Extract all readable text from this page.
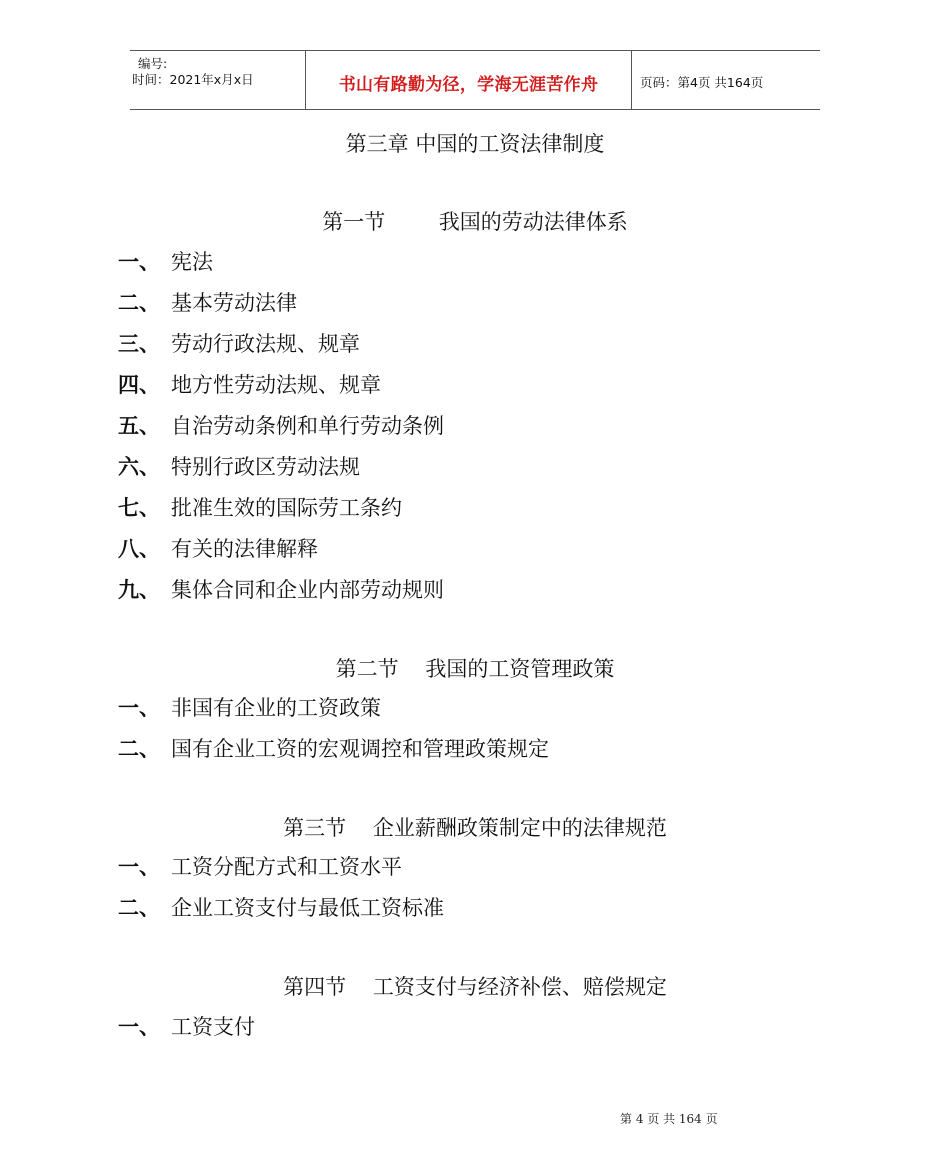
编号:
时间：2021年x月x日	书山有路勤为径，学海无涯苦作舟	页码：第4页 共164页
第三章 中国的工资法律制度
第一节        我国的劳动法律体系
一、 宪法
二、 基本劳动法律
三、 劳动行政法规、规章
四、 地方性劳动法规、规章
五、 自治劳动条例和单行劳动条例
六、 特别行政区劳动法规
七、 批准生效的国际劳工条约
八、 有关的法律解释
九、 集体合同和企业内部劳动规则
第二节    我国的工资管理政策
一、 非国有企业的工资政策
二、 国有企业工资的宏观调控和管理政策规定
第三节    企业薪酬政策制定中的法律规范
一、 工资分配方式和工资水平
二、 企业工资支付与最低工资标准
第四节    工资支付与经济补偿、赔偿规定
一、 工资支付
第 4 页 共 164 页
